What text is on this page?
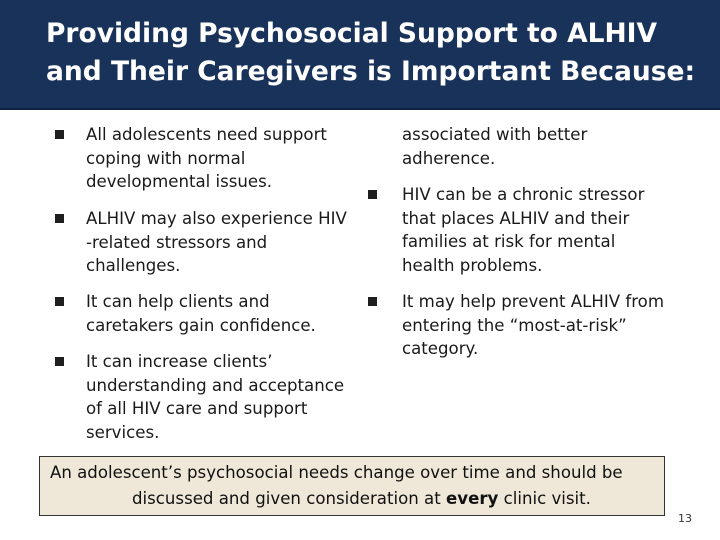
Providing Psychosocial Support to ALHIV and Their Caregivers is Important Because:
All adolescents need support
coping with normal
developmental issues.
ALHIV may also experience HIV
-related stressors and
challenges.
It can help clients and
caretakers gain confidence.
It can increase clients’
understanding and acceptance
of all HIV care and support
services.
associated with better
adherence.
HIV can be a chronic stressor
that places ALHIV and their
families at risk for mental
health problems.
It may help prevent ALHIV from
entering the “most-at-risk”
category.
An adolescent’s psychosocial needs change over time and should be
discussed and given consideration at every clinic visit.
13
